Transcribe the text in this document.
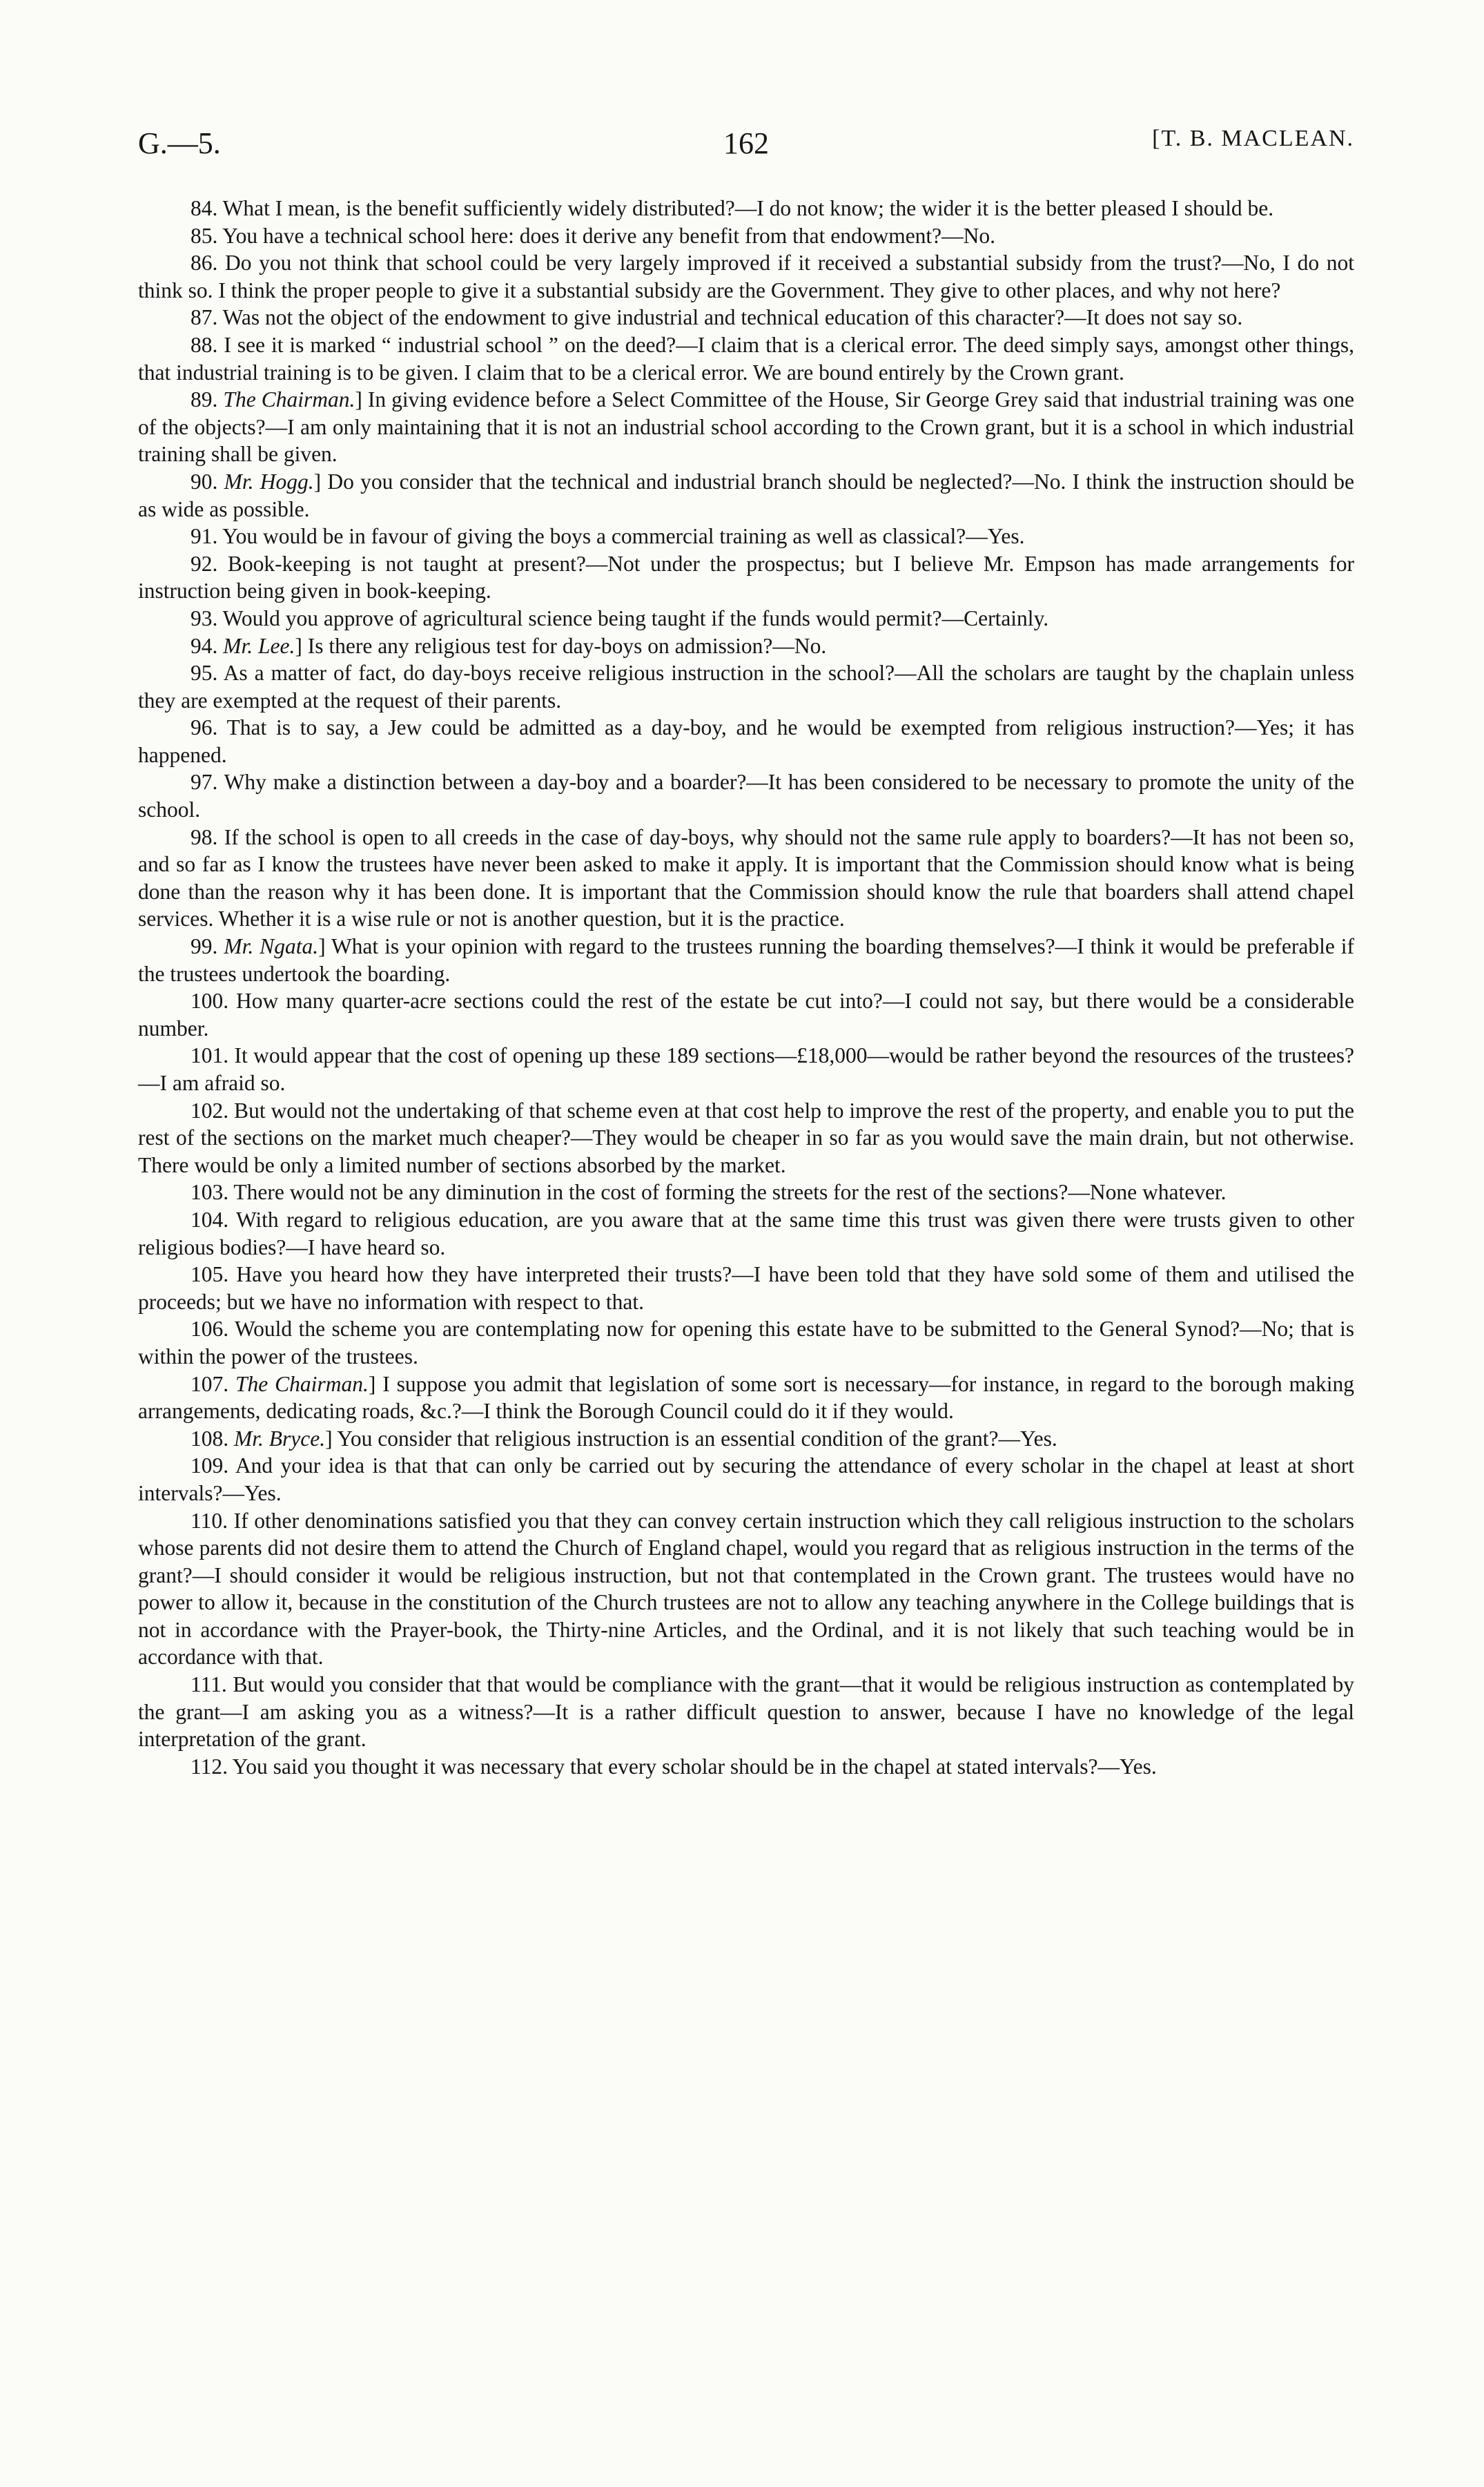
G.—5.	162	[T. B. MACLEAN.

84. What I mean, is the benefit sufficiently widely distributed?—I do not know; the wider it is the better pleased I should be.

85. You have a technical school here: does it derive any benefit from that endowment?—No.

86. Do you not think that school could be very largely improved if it received a substantial subsidy from the trust?—No, I do not think so. I think the proper people to give it a substantial subsidy are the Government. They give to other places, and why not here?

87. Was not the object of the endowment to give industrial and technical education of this character?—It does not say so.

88. I see it is marked “ industrial school ” on the deed?—I claim that is a clerical error. The deed simply says, amongst other things, that industrial training is to be given. I claim that to be a clerical error. We are bound entirely by the Crown grant.

89. The Chairman.] In giving evidence before a Select Committee of the House, Sir George Grey said that industrial training was one of the objects?—I am only maintaining that it is not an industrial school according to the Crown grant, but it is a school in which industrial training shall be given.

90. Mr. Hogg.] Do you consider that the technical and industrial branch should be neglected?—No. I think the instruction should be as wide as possible.

91. You would be in favour of giving the boys a commercial training as well as classical?—Yes.

92. Book-keeping is not taught at present?—Not under the prospectus; but I believe Mr. Empson has made arrangements for instruction being given in book-keeping.

93. Would you approve of agricultural science being taught if the funds would permit?—Certainly.

94. Mr. Lee.] Is there any religious test for day-boys on admission?—No.

95. As a matter of fact, do day-boys receive religious instruction in the school?—All the scholars are taught by the chaplain unless they are exempted at the request of their parents.

96. That is to say, a Jew could be admitted as a day-boy, and he would be exempted from religious instruction?—Yes; it has happened.

97. Why make a distinction between a day-boy and a boarder?—It has been considered to be necessary to promote the unity of the school.

98. If the school is open to all creeds in the case of day-boys, why should not the same rule apply to boarders?—It has not been so, and so far as I know the trustees have never been asked to make it apply. It is important that the Commission should know what is being done than the reason why it has been done. It is important that the Commission should know the rule that boarders shall attend chapel services. Whether it is a wise rule or not is another question, but it is the practice.

99. Mr. Ngata.] What is your opinion with regard to the trustees running the boarding themselves?—I think it would be preferable if the trustees undertook the boarding.

100. How many quarter-acre sections could the rest of the estate be cut into?—I could not say, but there would be a considerable number.

101. It would appear that the cost of opening up these 189 sections—£18,000—would be rather beyond the resources of the trustees?—I am afraid so.

102. But would not the undertaking of that scheme even at that cost help to improve the rest of the property, and enable you to put the rest of the sections on the market much cheaper?—They would be cheaper in so far as you would save the main drain, but not otherwise. There would be only a limited number of sections absorbed by the market.

103. There would not be any diminution in the cost of forming the streets for the rest of the sections?—None whatever.

104. With regard to religious education, are you aware that at the same time this trust was given there were trusts given to other religious bodies?—I have heard so.

105. Have you heard how they have interpreted their trusts?—I have been told that they have sold some of them and utilised the proceeds; but we have no information with respect to that.

106. Would the scheme you are contemplating now for opening this estate have to be submitted to the General Synod?—No; that is within the power of the trustees.

107. The Chairman.] I suppose you admit that legislation of some sort is necessary—for instance, in regard to the borough making arrangements, dedicating roads, &c.?—I think the Borough Council could do it if they would.

108. Mr. Bryce.] You consider that religious instruction is an essential condition of the grant?—Yes.

109. And your idea is that that can only be carried out by securing the attendance of every scholar in the chapel at least at short intervals?—Yes.

110. If other denominations satisfied you that they can convey certain instruction which they call religious instruction to the scholars whose parents did not desire them to attend the Church of England chapel, would you regard that as religious instruction in the terms of the grant?—I should consider it would be religious instruction, but not that contemplated in the Crown grant. The trustees would have no power to allow it, because in the constitution of the Church trustees are not to allow any teaching anywhere in the College buildings that is not in accordance with the Prayer-book, the Thirty-nine Articles, and the Ordinal, and it is not likely that such teaching would be in accordance with that.

111. But would you consider that that would be compliance with the grant—that it would be religious instruction as contemplated by the grant—I am asking you as a witness?—It is a rather difficult question to answer, because I have no knowledge of the legal interpretation of the grant.

112. You said you thought it was necessary that every scholar should be in the chapel at stated intervals?—Yes.
